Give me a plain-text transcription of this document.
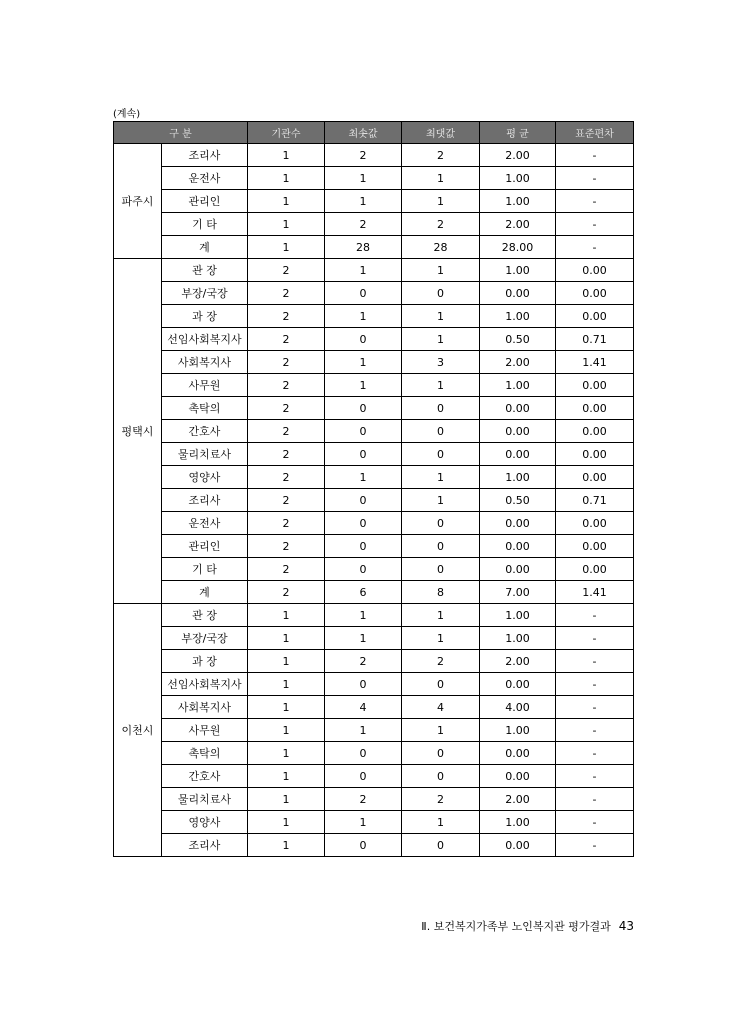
(계속)
구 분		기관수	최솟값	최댓값	평 균	표준편차
파주시	조리사	1	2	2	2.00	-
	운전사	1	1	1	1.00	-
	관리인	1	1	1	1.00	-
	기 타	1	2	2	2.00	-
	계	1	28	28	28.00	-
평택시	관 장	2	1	1	1.00	0.00
	부장/국장	2	0	0	0.00	0.00
	과 장	2	1	1	1.00	0.00
	선임사회복지사	2	0	1	0.50	0.71
	사회복지사	2	1	3	2.00	1.41
	사무원	2	1	1	1.00	0.00
	촉탁의	2	0	0	0.00	0.00
	간호사	2	0	0	0.00	0.00
	물리치료사	2	0	0	0.00	0.00
	영양사	2	1	1	1.00	0.00
	조리사	2	0	1	0.50	0.71
	운전사	2	0	0	0.00	0.00
	관리인	2	0	0	0.00	0.00
	기 타	2	0	0	0.00	0.00
	계	2	6	8	7.00	1.41
이천시	관 장	1	1	1	1.00	-
	부장/국장	1	1	1	1.00	-
	과 장	1	2	2	2.00	-
	선임사회복지사	1	0	0	0.00	-
	사회복지사	1	4	4	4.00	-
	사무원	1	1	1	1.00	-
	촉탁의	1	0	0	0.00	-
	간호사	1	0	0	0.00	-
	물리치료사	1	2	2	2.00	-
	영양사	1	1	1	1.00	-
	조리사	1	0	0	0.00	-
Ⅱ. 보건복지가족부 노인복지관 평가결과 43
